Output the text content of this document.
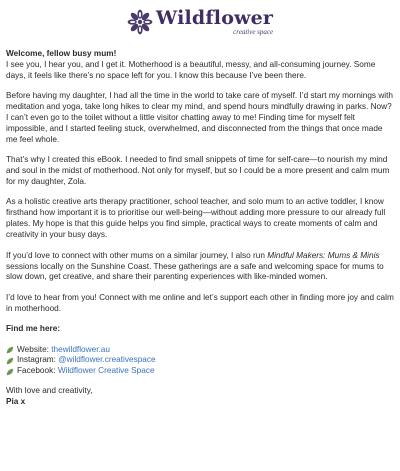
Wildflower
creative space

Welcome, fellow busy mum!
I see you, I hear you, and I get it. Motherhood is a beautiful, messy, and all-consuming journey. Some days, it feels like there’s no space left for you. I know this because I’ve been there.

Before having my daughter, I had all the time in the world to take care of myself. I’d start my mornings with meditation and yoga, take long hikes to clear my mind, and spend hours mindfully drawing in parks. Now? I can’t even go to the toilet without a little visitor chatting away to me! Finding time for myself felt impossible, and I started feeling stuck, overwhelmed, and disconnected from the things that once made me feel whole.

That’s why I created this eBook. I needed to find small snippets of time for self-care—to nourish my mind and soul in the midst of motherhood. Not only for myself, but so I could be a more present and calm mum for my daughter, Zola.

As a holistic creative arts therapy practitioner, school teacher, and solo mum to an active toddler, I know firsthand how important it is to prioritise our well-being—without adding more pressure to our already full plates. My hope is that this guide helps you find simple, practical ways to create moments of calm and creativity in your busy days.

If you’d love to connect with other mums on a similar journey, I also run Mindful Makers: Mums & Minis sessions locally on the Sunshine Coast. These gatherings are a safe and welcoming space for mums to slow down, get creative, and share their parenting experiences with like-minded women.

I’d love to hear from you! Connect with me online and let’s support each other in finding more joy and calm in motherhood.

Find me here:

Website:
thewildflower.au
Instagram:
@wildflower.creativespace
Facebook:
Wildflower Creative Space

With love and creativity,

Pia x
